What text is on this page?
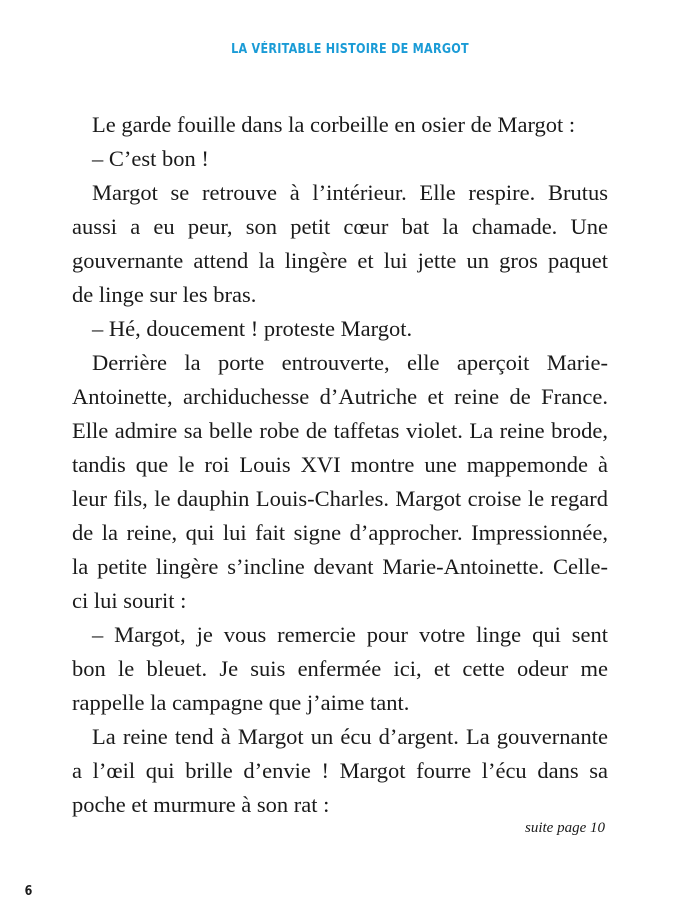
LA VÉRITABLE HISTOIRE DE MARGOT
Le garde fouille dans la corbeille en osier de Margot :
– C’est bon !
Margot se retrouve à l’intérieur. Elle respire. Brutus
aussi a eu peur, son petit cœur bat la chamade. Une
gouvernante attend la lingère et lui jette un gros paquet
de linge sur les bras.
– Hé, doucement ! proteste Margot.
Derrière la porte entrouverte, elle aperçoit Marie-
Antoinette, archiduchesse d’Autriche et reine de France.
Elle admire sa belle robe de taffetas violet. La reine brode,
tandis que le roi Louis XVI montre une mappemonde à
leur fils, le dauphin Louis-Charles. Margot croise le regard
de la reine, qui lui fait signe d’approcher. Impressionnée,
la petite lingère s’incline devant Marie-Antoinette. Celle-
ci lui sourit :
– Margot, je vous remercie pour votre linge qui sent
bon le bleuet. Je suis enfermée ici, et cette odeur me
rappelle la campagne que j’aime tant.
La reine tend à Margot un écu d’argent. La gouvernante
a l’œil qui brille d’envie ! Margot fourre l’écu dans sa
poche et murmure à son rat :
suite page 10
6
